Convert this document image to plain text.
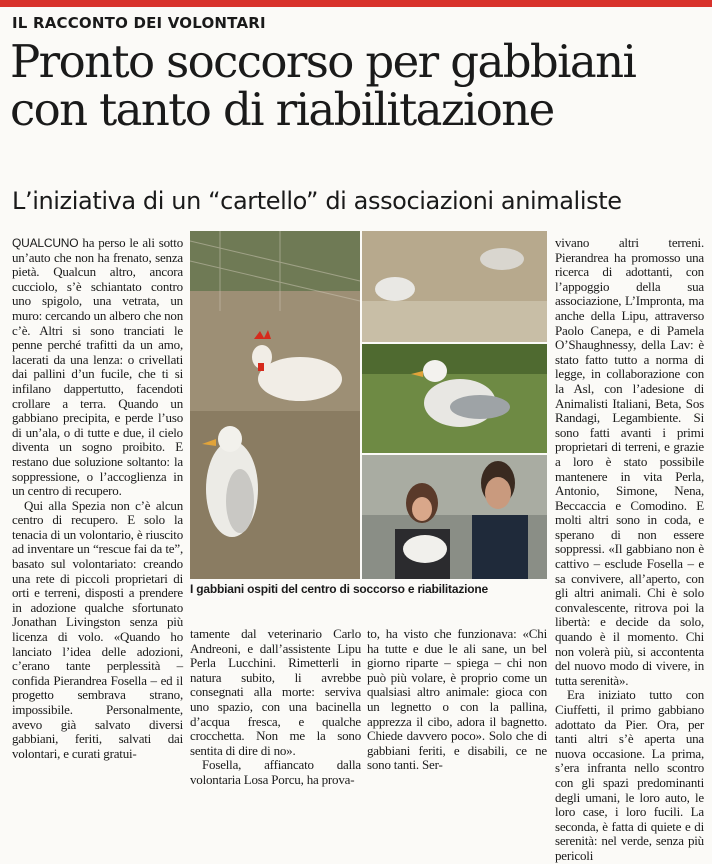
IL RACCONTO DEI VOLONTARI
Pronto soccorso per gabbiani con tanto di riabilitazione
L’iniziativa di un “cartello” di associazioni animaliste

QUALCUNO ha perso le ali sotto un’auto che non ha frenato, senza pietà. Qualcun altro, ancora cucciolo, s’è schiantato contro uno spigolo, una vetrata, un muro: cercando un albero che non c’è. Altri si sono tranciati le penne perché trafitti da un amo, lacerati da una lenza: o crivellati dai pallini d’un fucile, che ti si infilano dappertutto, facendoti crollare a terra. Quando un gabbiano precipita, e perde l’uso di un’ala, o di tutte e due, il cielo diventa un sogno proibito. E restano due soluzione soltanto: la soppressione, o l’accoglienza in un centro di recupero.

Qui alla Spezia non c’è alcun centro di recupero. E solo la tenacia di un volontario, è riuscito ad inventare un “rescue fai da te”, basato sul volontariato: creando una rete di piccoli proprietari di orti e terreni, disposti a prendere in adozione qualche sfortunato Jonathan Livingston senza più licenza di volo. «Quando ho lanciato l’idea delle adozioni, c’erano tante perplessità – confida Pierandrea Fosella – ed il progetto sembrava strano, impossibile. Personalmente, avevo già salvato diversi gabbiani, feriti, salvati dai volontari, e curati gratui-

I gabbiani ospiti del centro di soccorso e riabilitazione

tamente dal veterinario Carlo Andreoni, e dall’assistente Lipu Perla Lucchini. Rimetterli in natura subito, li avrebbe consegnati alla morte: serviva uno spazio, con una bacinella d’acqua fresca, e qualche crocchetta. Non me la sono sentita di dire di no».

Fosella, affiancato dalla volontaria Losa Porcu, ha prova-

to, ha visto che funzionava: «Chi ha tutte e due le ali sane, un bel giorno riparte – spiega – chi non può più volare, è proprio come un qualsiasi altro animale: gioca con un legnetto o con la pallina, apprezza il cibo, adora il bagnetto. Chiede davvero poco». Solo che di gabbiani feriti, e disabili, ce ne sono tanti. Ser-

vivano altri terreni. Pierandrea ha promosso una ricerca di adottanti, con l’appoggio della sua associazione, L’Impronta, ma anche della Lipu, attraverso Paolo Canepa, e di Pamela O’Shaughnessy, della Lav: è stato fatto tutto a norma di legge, in collaborazione con la Asl, con l’adesione di Animalisti Italiani, Beta, Sos Randagi, Legambiente. Si sono fatti avanti i primi proprietari di terreni, e grazie a loro è stato possibile mantenere in vita Perla, Antonio, Simone, Nena, Beccaccia e Comodino. E molti altri sono in coda, e sperano di non essere soppressi. «Il gabbiano non è cattivo – esclude Fosella – e sa convivere, all’aperto, con gli altri animali. Chi è solo convalescente, ritrova poi la libertà: e decide da solo, quando è il momento. Chi non volerà più, si accontenta del nuovo modo di vivere, in tutta serenità».

Era iniziato tutto con Ciuffetti, il primo gabbiano adottato da Pier. Ora, per tanti altri s’è aperta una nuova occasione. La prima, s’era infranta nello scontro con gli spazi predominanti degli umani, le loro auto, le loro case, i loro fucili. La seconda, è fatta di quiete e di serenità: nel verde, senza più pericoli
